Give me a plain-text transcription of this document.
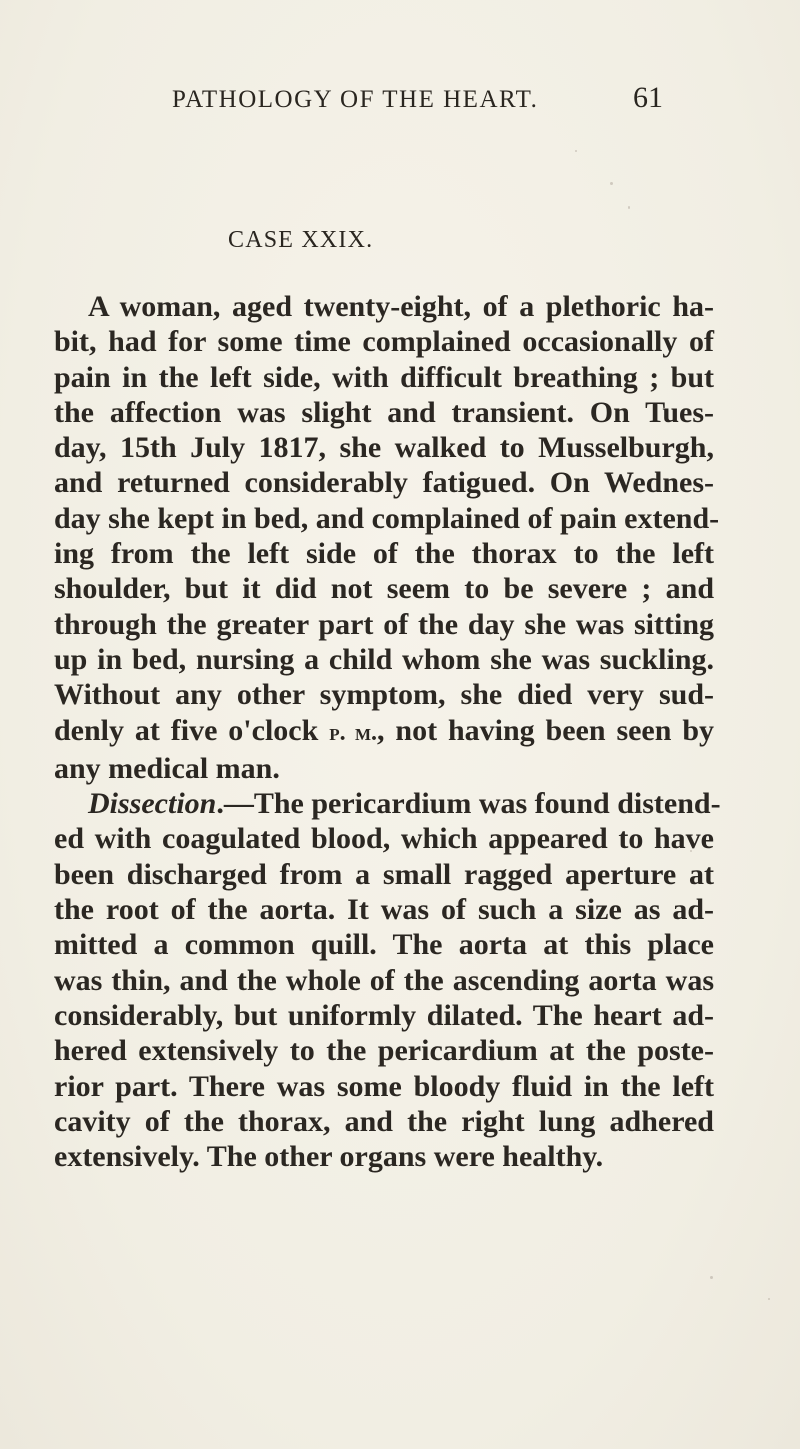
PATHOLOGY OF THE HEART.	61
CASE XXIX.
A woman, aged twenty-eight, of a plethoric ha-
bit, had for some time complained occasionally of
pain in the left side, with difficult breathing ; but
the affection was slight and transient. On Tues-
day, 15th July 1817, she walked to Musselburgh,
and returned considerably fatigued. On Wednes-
day she kept in bed, and complained of pain extend-
ing from the left side of the thorax to the left
shoulder, but it did not seem to be severe ; and
through the greater part of the day she was sitting
up in bed, nursing a child whom she was suckling.
Without any other symptom, she died very sud-
denly at five o'clock p. m., not having been seen by
any medical man.
Dissection.—The pericardium was found distend-
ed with coagulated blood, which appeared to have
been discharged from a small ragged aperture at
the root of the aorta. It was of such a size as ad-
mitted a common quill. The aorta at this place
was thin, and the whole of the ascending aorta was
considerably, but uniformly dilated. The heart ad-
hered extensively to the pericardium at the poste-
rior part. There was some bloody fluid in the left
cavity of the thorax, and the right lung adhered
extensively. The other organs were healthy.
